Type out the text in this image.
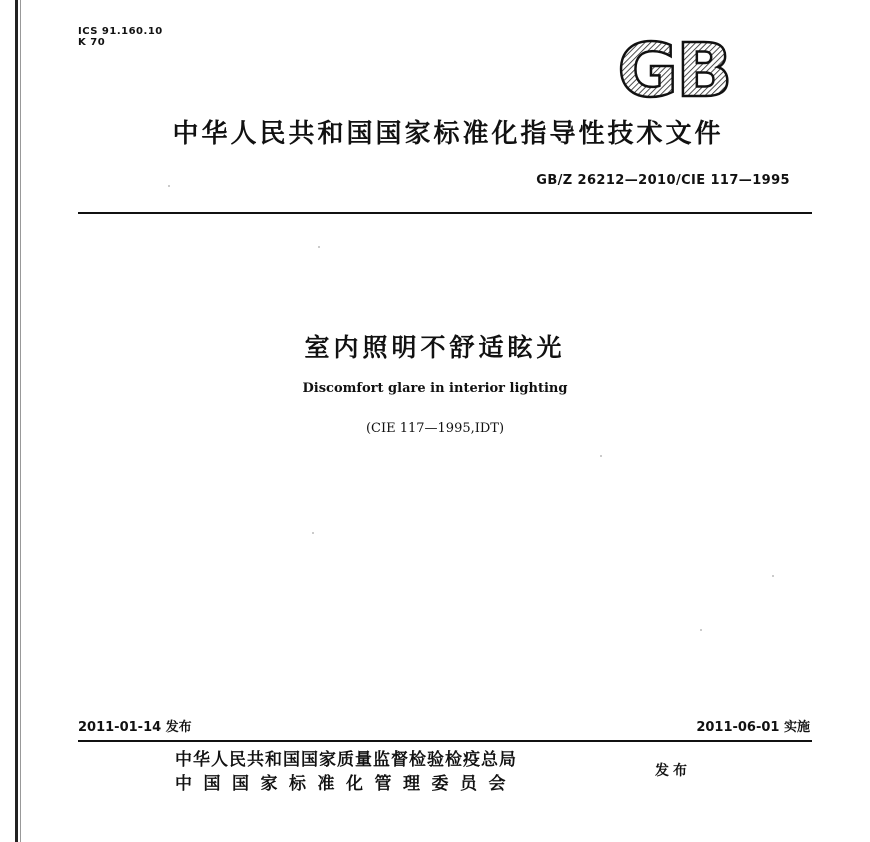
ICS 91.160.10
K 70	GB
中华人民共和国国家标准化指导性技术文件
GB/Z 26212—2010/CIE 117—1995
室内照明不舒适眩光
Discomfort glare in interior lighting
(CIE 117—1995,IDT)
2011-01-14 发布	2011-06-01 实施
中华人民共和国国家质量监督检验检疫总局
中国国家标准化管理委员会
发布
